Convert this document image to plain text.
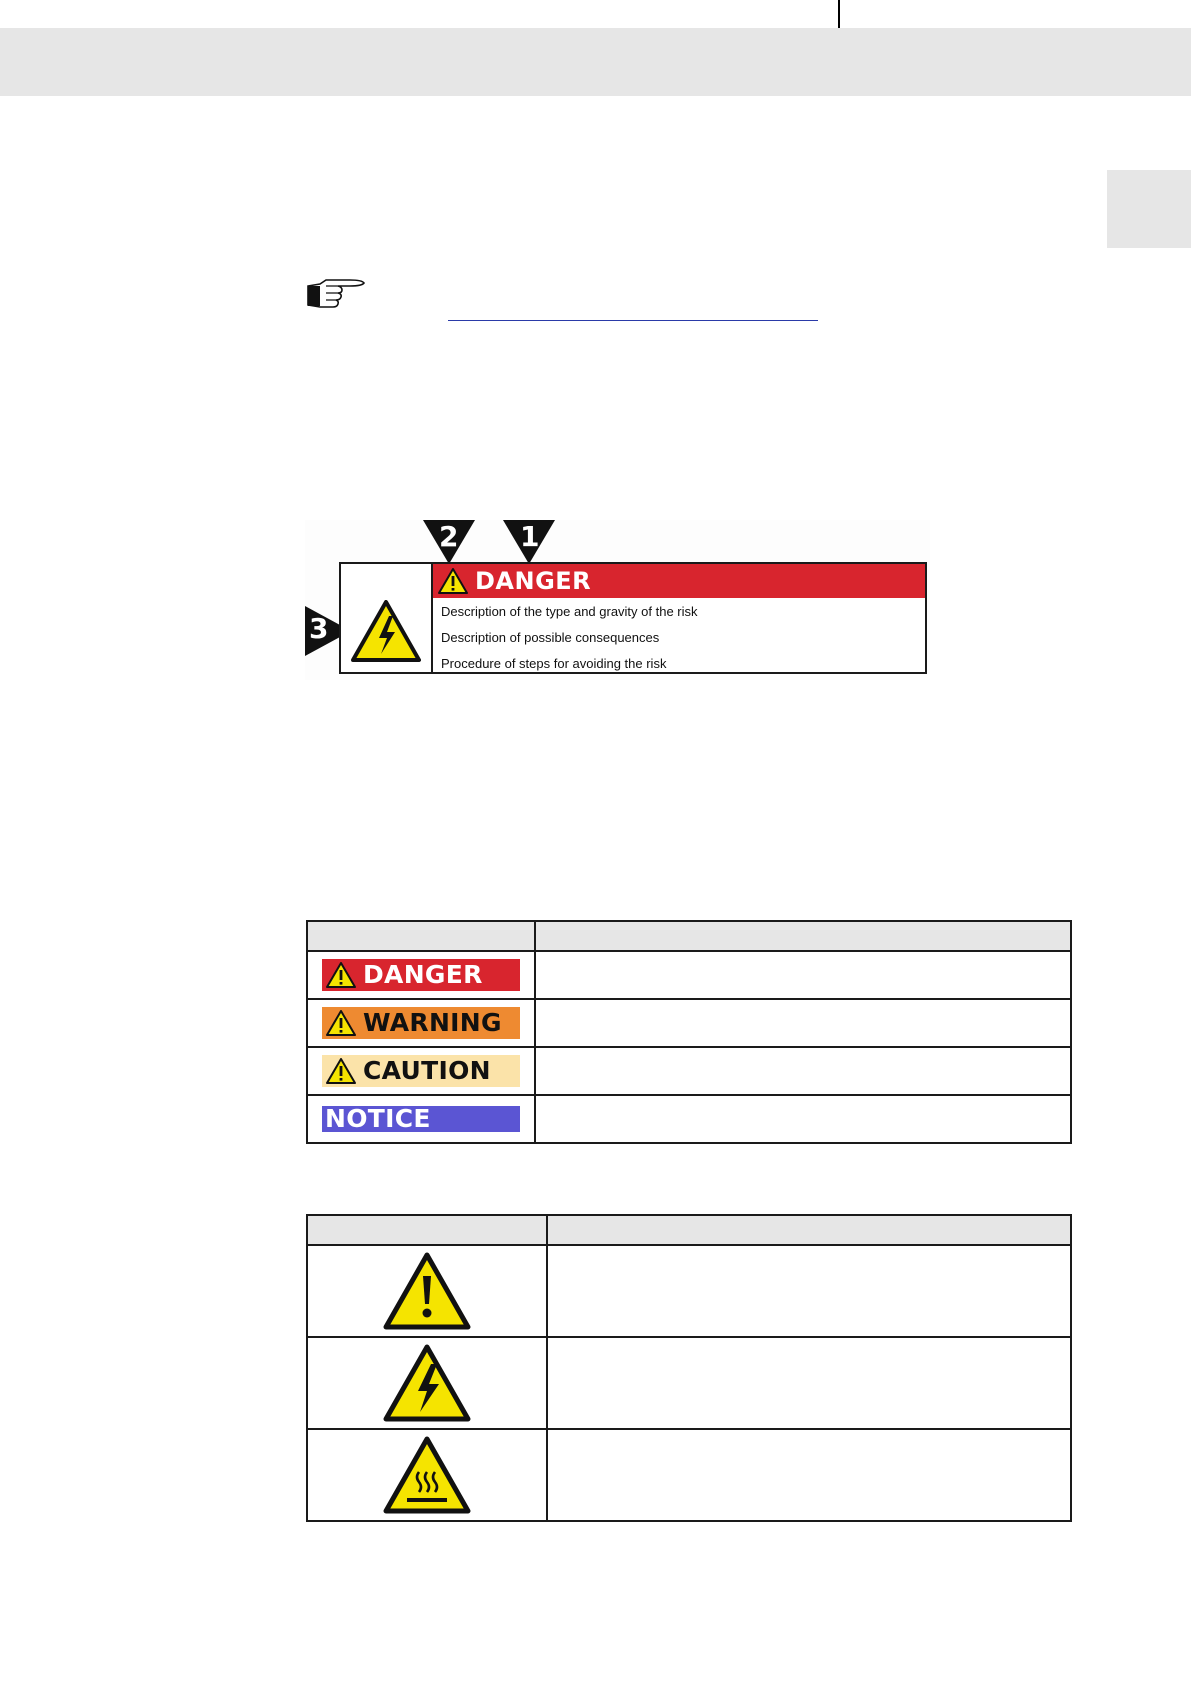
2 1
3
DANGER
Description of the type and gravity of the risk
Description of possible consequences
Procedure of steps for avoiding the risk

DANGER	

WARNING	

CAUTION	

NOTICE	
